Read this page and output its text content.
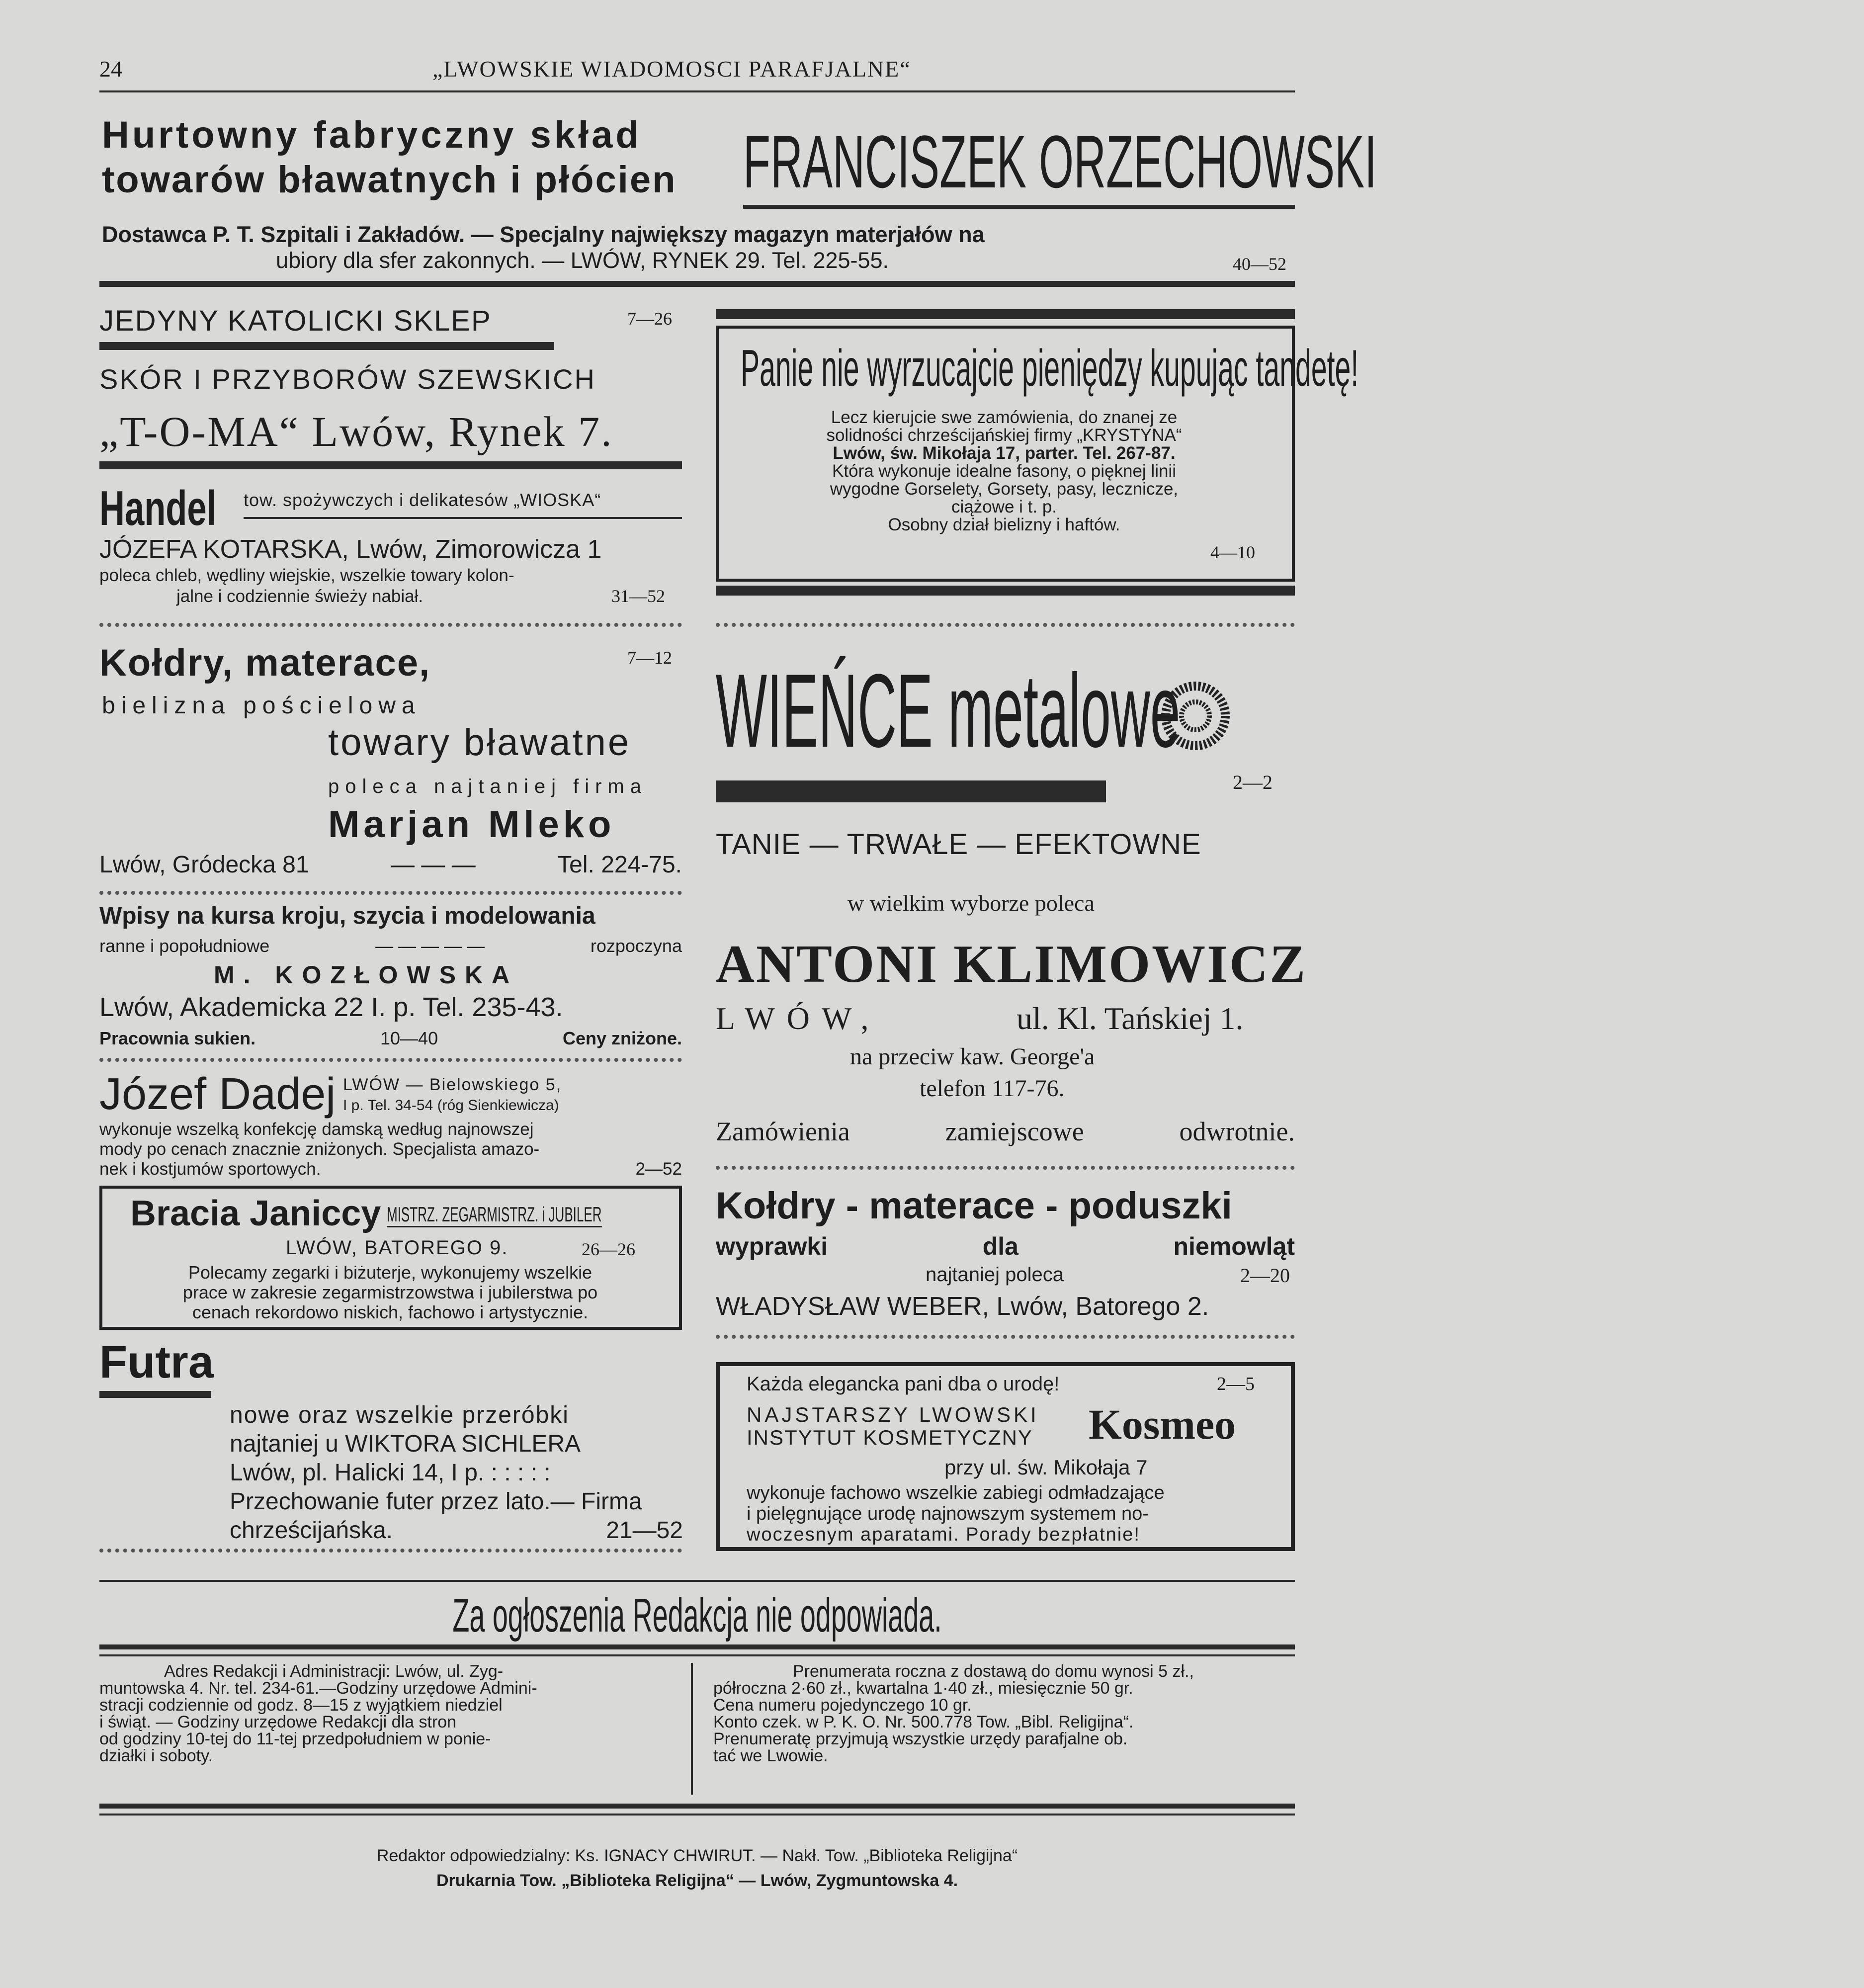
24	„LWOWSKIE WIADOMOSCI PARAFJALNE“
Hurtowny fabryczny skład
towarów bławatnych i płócien FRANCISZEK ORZECHOWSKI
Dostawca P. T. Szpitali i Zakładów. — Specjalny największy magazyn materjałów na
ubiory dla sfer zakonnych. — LWÓW, RYNEK 29. Tel. 225-55.	40—52
JEDYNY KATOLICKI SKLEP	7—26
SKÓR I PRZYBORÓW SZEWSKICH
„T-O-MA“ Lwów, Rynek 7.
Handel	tow. spożywczych i delikatesów „WIOSKA“
JÓZEFA KOTARSKA, Lwów, Zimorowicza 1
poleca chleb, wędliny wiejskie, wszelkie towary kolon-
jalne i codziennie świeży nabiał.	31—52
Panie nie wyrzucajcie pieniędzy kupując tandetę!
Lecz kierujcie swe zamówienia, do znanej ze
solidności chrześcijańskiej firmy „KRYSTYNA“
Lwów, św. Mikołaja 17, parter. Tel. 267-87.
Która wykonuje idealne fasony, o pięknej linii
wygodne Gorselety, Gorsety, pasy, lecznicze,
ciążowe i t. p.
Osobny dział bielizny i haftów.
4—10
Kołdry, materace,	7—12
bielizna pościelowa
towary bławatne
poleca najtaniej firma
Marjan Mleko
Lwów, Gródecka 81	— — —	Tel. 224-75.
Wpisy na kursa kroju, szycia i modelowania
ranne i popołudniowe	— — — — —	rozpoczyna
M. KOZŁOWSKA
Lwów, Akademicka 22 I. p. Tel. 235-43.
Pracownia sukien.	10—40	Ceny zniżone.
Józef Dadej LWÓW — Bielowskiego 5,
I p. Tel. 34-54 (róg Sienkiewicza)
wykonuje wszelką konfekcję damską według najnowszej
mody po cenach znacznie zniżonych. Specjalista amazo-
nek i kostjumów sportowych.	2—52
Bracia Janiccy MISTRZ. ZEGARMISTRZ. i JUBILER
LWÓW, BATOREGO 9.	26—26
Polecamy zegarki i biżuterje, wykonujemy wszelkie
prace w zakresie zegarmistrzowstwa i jubilerstwa po
cenach rekordowo niskich, fachowo i artystycznie.
Futra
nowe oraz wszelkie przeróbki
najtaniej u WIKTORA SICHLERA
Lwów, pl. Halicki 14, I p. : : : : :
Przechowanie futer przez lato.— Firma
chrześcijańska.	21—52
WIEŃCE metalowe
2—2
TANIE — TRWAŁE — EFEKTOWNE
w wielkim wyborze poleca
ANTONI KLIMOWICZ
LWÓW,	ul. Kl. Tańskiej 1.
na przeciw kaw. George'a
telefon 117-76.
Zamówienia	zamiejscowe	odwrotnie.
Kołdry - materace - poduszki
wyprawki	dla	niemowląt
najtaniej poleca	2—20
WŁADYSŁAW WEBER, Lwów, Batorego 2.
Każda elegancka pani dba o urodę!	2—5
NAJSTARSZY LWOWSKI
INSTYTUT KOSMETYCZNY Kosmeo
przy ul. św. Mikołaja 7
wykonuje fachowo wszelkie zabiegi odmładzające
i pielęgnujące urodę najnowszym systemem no-
woczesnym aparatami. Porady bezpłatnie!
Za ogłoszenia Redakcja nie odpowiada.
Adres Redakcji i Administracji: Lwów, ul. Zyg-
muntowska 4. Nr. tel. 234-61.—Godziny urzędowe Admini-
stracji codziennie od godz. 8—15 z wyjątkiem niedziel
i świąt. — Godziny urzędowe Redakcji dla stron
od godziny 10-tej do 11-tej przedpołudniem w ponie-
działki i soboty.
Prenumerata roczna z dostawą do domu wynosi 5 zł.,
półroczna 2·60 zł., kwartalna 1·40 zł., miesięcznie 50 gr.
Cena numeru pojedynczego 10 gr.
Konto czek. w P. K. O. Nr. 500.778 Tow. „Bibl. Religijna“.
Prenumeratę przyjmują wszystkie urzędy parafjalne ob.
tać we Lwowie.
Redaktor odpowiedzialny: Ks. IGNACY CHWIRUT. — Nakł. Tow. „Biblioteka Religijna“
Drukarnia Tow. „Biblioteka Religijna“ — Lwów, Zygmuntowska 4.
